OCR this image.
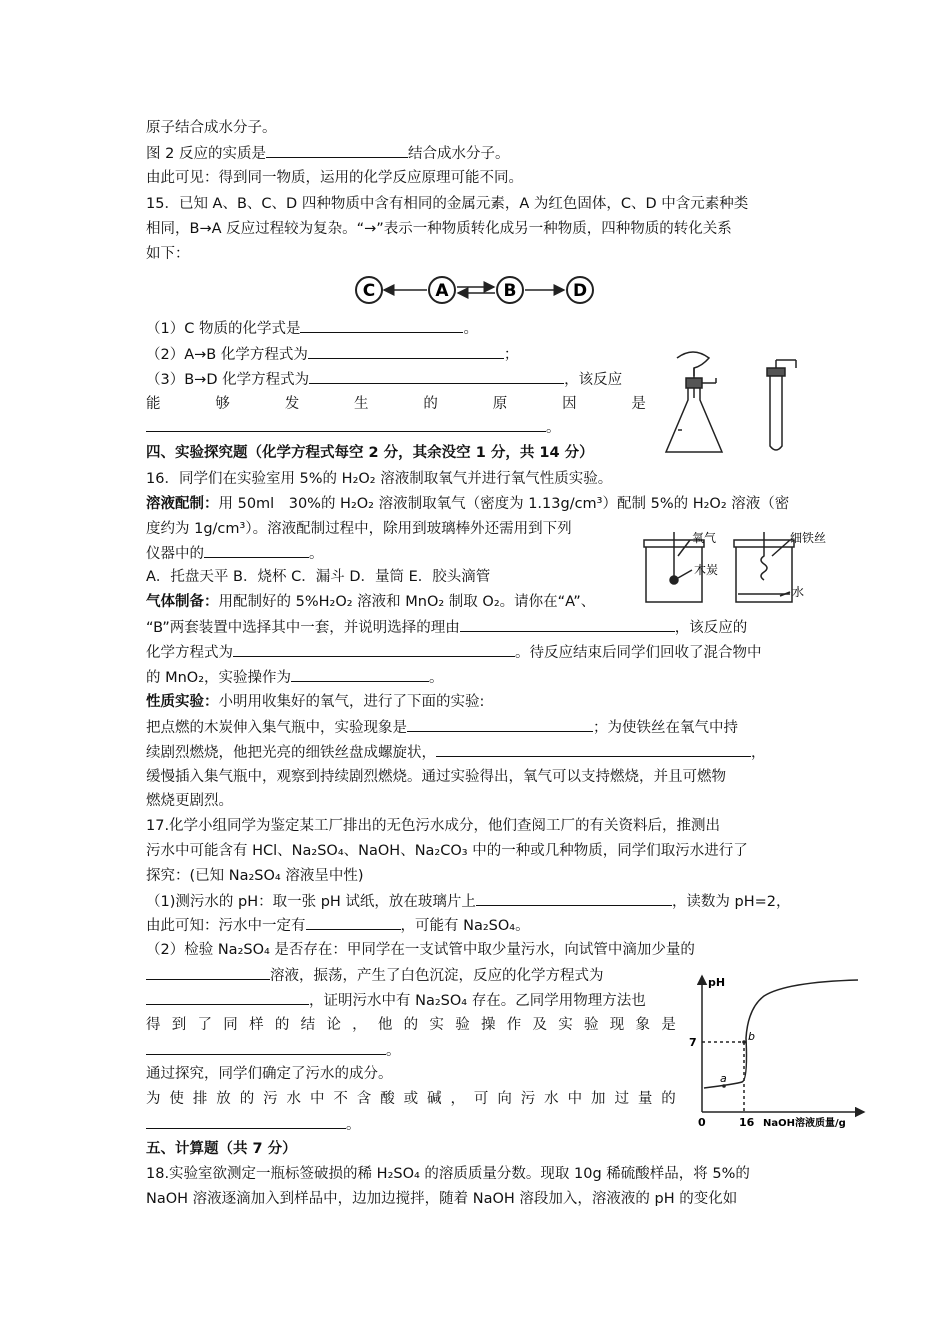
原子结合成水分子。
图 2 反应的实质是	结合成水分子。
由此可见：得到同一物质，运用的化学反应原理可能不同。
15．已知 A、B、C、D 四种物质中含有相同的金属元素，A 为红色固体，C、D 中含元素种类
相同，B→A 反应过程较为复杂。“→”表示一种物质转化成另一种物质，四种物质的转化关系
如下：
C	A	B	D
（1）C 物质的化学式是	。
（2）A→B 化学方程式为	；
（3）B→D 化学方程式为	，该反应
能	够	发	生	的	原	因	是
。
四、实验探究题（化学方程式每空 2 分，其余没空 1 分，共 14 分）
16．同学们在实验室用 5%的 H₂O₂ 溶液制取氧气并进行氧气性质实验。
溶液配制：用 50ml　30%的 H₂O₂ 溶液制取氧气（密度为 1.13g/cm³）配制 5%的 H₂O₂ 溶液（密
度约为 1g/cm³）。溶液配制过程中，除用到玻璃棒外还需用到下列
仪器中的	。
A．托盘天平 B．烧杯 C．漏斗 D．量筒 E．胶头滴管
氧气	细铁丝
木炭
水
气体制备：用配制好的 5%H₂O₂ 溶液和 MnO₂ 制取 O₂。请你在“A”、
“B”两套装置中选择其中一套，并说明选择的理由	，该反应的
化学方程式为	。待反应结束后同学们回收了混合物中
的 MnO₂，实验操作为	。
性质实验：小明用收集好的氧气，进行了下面的实验:
把点燃的木炭伸入集气瓶中，实验现象是	；为使铁丝在氧气中持
续剧烈燃烧，他把光亮的细铁丝盘成螺旋状，	，
缓慢插入集气瓶中，观察到持续剧烈燃烧。通过实验得出，氧气可以支持燃烧，并且可燃物
燃烧更剧烈。
17.化学小组同学为鉴定某工厂排出的无色污水成分，他们查阅工厂的有关资料后，推测出
污水中可能含有 HCl、Na₂SO₄、NaOH、Na₂CO₃ 中的一种或几种物质，同学们取污水进行了
探究：(已知 Na₂SO₄ 溶液呈中性)
（1)测污水的 pH：取一张 pH 试纸，放在玻璃片上	，读数为 pH=2，
由此可知：污水中一定有	，可能有 Na₂SO₄。
（2）检验 Na₂SO₄ 是否存在：甲同学在一支试管中取少量污水，向试管中滴加少量的
溶液，振荡，产生了白色沉淀，反应的化学方程式为
，证明污水中有 Na₂SO₄ 存在。乙同学用物理方法也
得 到 了 同 样 的 结 论 ， 他 的 实 验 操 作 及 实 验 现 象 是
。
通过探究，同学们确定了污水的成分。
为 使 排 放 的 污 水 中 不 含 酸 或 碱 ， 可 向 污 水 中 加 过 量 的
。
pH
7
a
b
0	16 NaOH溶液质量/g
五、计算题（共 7 分）
18.实验室欲测定一瓶标签破损的稀 H₂SO₄ 的溶质质量分数。现取 10g 稀硫酸样品，将 5%的
NaOH 溶液逐滴加入到样品中，边加边搅拌，随着 NaOH 溶段加入，溶液液的 pH 的变化如
